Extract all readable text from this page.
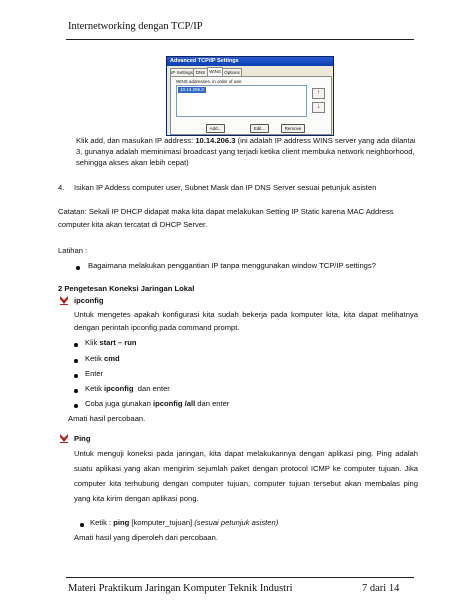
Internetworking dengan TCP/IP
Advanced TCP/IP Settings
IP Settings DNS WINS Options
WINS addresses, in order of use:
10.14.206.3
↑
↓
Add...	Edit...	Remove
Klik add, dan masukan IP address: 10.14.206.3 (ini adalah IP address WINS server yang ada dilantai 3, gunanya adalah meminimasi broadcast yang terjadi ketika client membuka network neighborhood, sehingga akses akan lebih cepat)
4. Isikan IP Addess computer user, Subnet Mask dan IP DNS Server sesuai petunjuk asisten
Catatan: Sekali IP DHCP didapat maka kita dapat melakukan Setting IP Static karena MAC Address computer kita akan tercatat di DHCP Server.
Latihan :
Bagaimana melakukan penggantian IP tanpa menggunakan window TCP/IP settings?
2 Pengetesan Koneksi Jaringan Lokal
ipconfig
Untuk mengetes apakah konfigurasi kita sudah bekerja pada komputer kita, kita dapat melihatnya dengan perintah ipconfig pada command prompt.
Klik start – run
Ketik cmd
Enter
Ketik ipconfig  dan enter
Coba juga gunakan ipconfig /all dan enter
Amati hasil percobaan.
Ping
Untuk menguji koneksi pada jaringan, kita dapat melakukannya dengan aplikasi ping. Ping adalah suatu aplikasi yang akan mengirim sejumlah paket dengan protocol ICMP ke computer tujuan. Jika computer kita terhubung dengan computer tujuan, computer tujuan tersebut akan membalas ping yang kita kirim dengan aplikasi pong.
Ketik : ping [komputer_tujuan] (sesuai petunjuk asisten)
Amati hasil yang diperoleh dari percobaan.
Materi Praktikum Jaringan Komputer Teknik Industri	7 dari 14
